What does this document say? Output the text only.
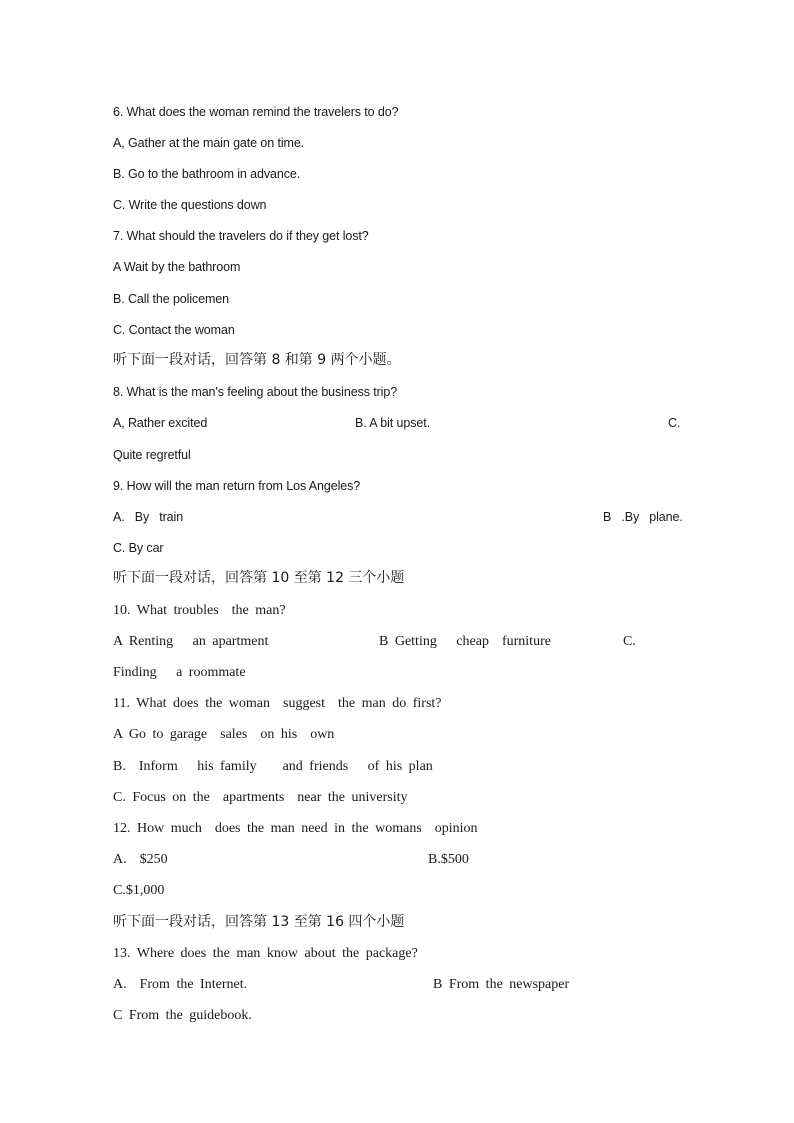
6. What does the woman remind the travelers to do?
A, Gather at the main gate on time.
B. Go to the bathroom in advance.
C. Write the questions down
7. What should the travelers do if they get lost?
A Wait by the bathroom
B. Call the policemen
C. Contact the woman
听下面一段对话，回答第 8 和第 9 两个小题。
8. What is the man's feeling about the business trip?
A, Rather excited	B. A bit upset.	C.
Quite regretful
9. How will the man return from Los Angeles?
A.   By   train	B   .By   plane.
C. By car
听下面一段对话，回答第 10 至第 12 三个小题
10. What troubles  the man?
A Renting   an apartment	B Getting   cheap  furniture	C.
Finding   a roommate
11. What does the woman  suggest  the man do first?
A Go to garage  sales  on his  own
B.  Inform   his family    and friends   of his plan
C. Focus on the  apartments  near the university
12. How much  does the man need in the womans  opinion
A.  $250	B.$500
C.$1,000
听下面一段对话，回答第 13 至第 16 四个小题
13. Where does the man know about the package?
A.  From the Internet.	B From the newspaper
C From the guidebook.
